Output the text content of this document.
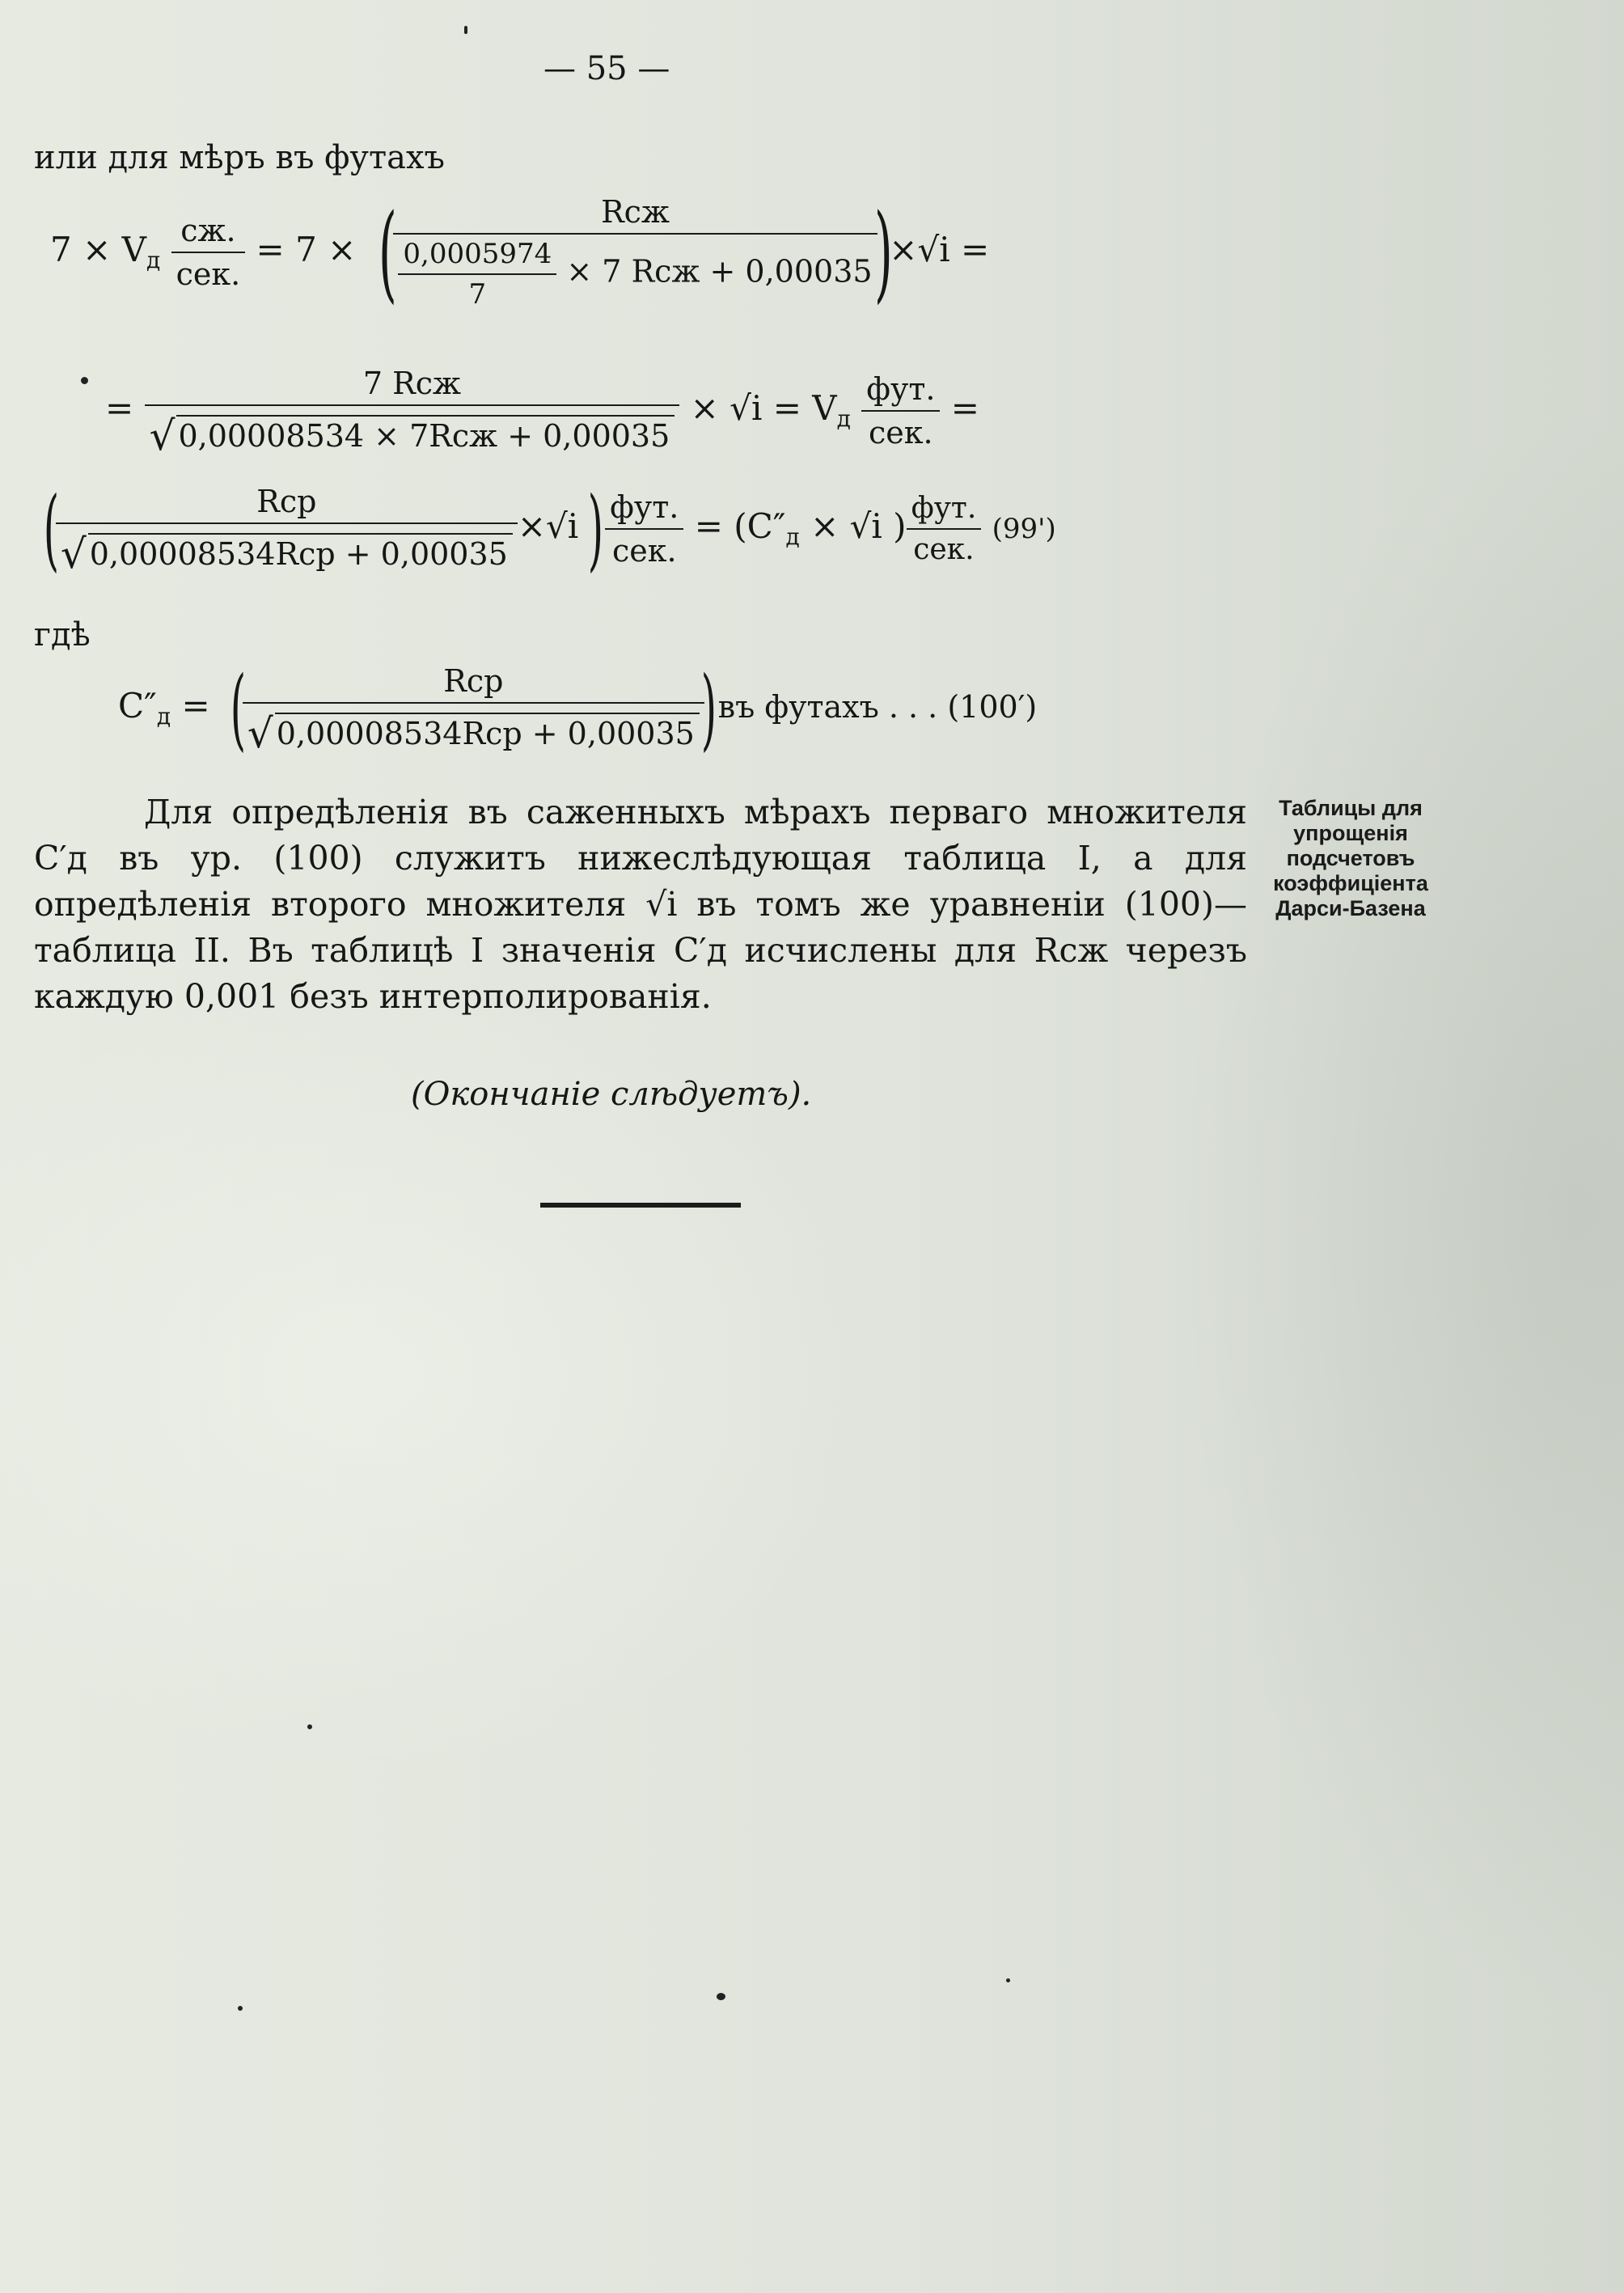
— 55 —
или для мѣръ въ футахъ
$7 \times V_д \frac{сж.}{\text{сек.}} = 7$ × (
$\frac{\text{Rсж}}{\frac{0,0005974}{7} \times 7 Rсж + 0,00035}$
)×√i =
= $\frac{\text{7 Rсж}}{\text{√ 0,00008534 × 7Rсж + 0,00035}} \times √i = V_д \frac{\text{фут.}}{\text{сек.}}$ =
(
$\frac{\text{Rср}}{\text{√ 0,00008534Rср + 0,00035}} \times√i$ ) $\frac{\text{фут.}}{\text{сек.}} = (C''_д \times √i$ ) $\frac{\text{фут.}}{\text{сек.}} (99')$
гдѣ
$C''_д$ = (
$\frac{\text{Rср}}{\text{√ 0,00008534Rср + 0,00035}}$
)въ футахъ . . . (100′)
Для опредѣленія въ саженныхъ мѣрахъ перваго множителя C′д въ ур. (100) служитъ нижеслѣдующая таблица I, а для опредѣленія второго множителя √i въ томъ же уравненіи (100)—таблица II. Въ таблицѣ I значенія C′д исчислены для Rсж черезъ каждую 0,001 безъ интерполированія.
(Окончаніе слѣдуетъ).
Таблицы для
упрощенія
подсчетовъ
коэффиціента
Дарси-Базена
